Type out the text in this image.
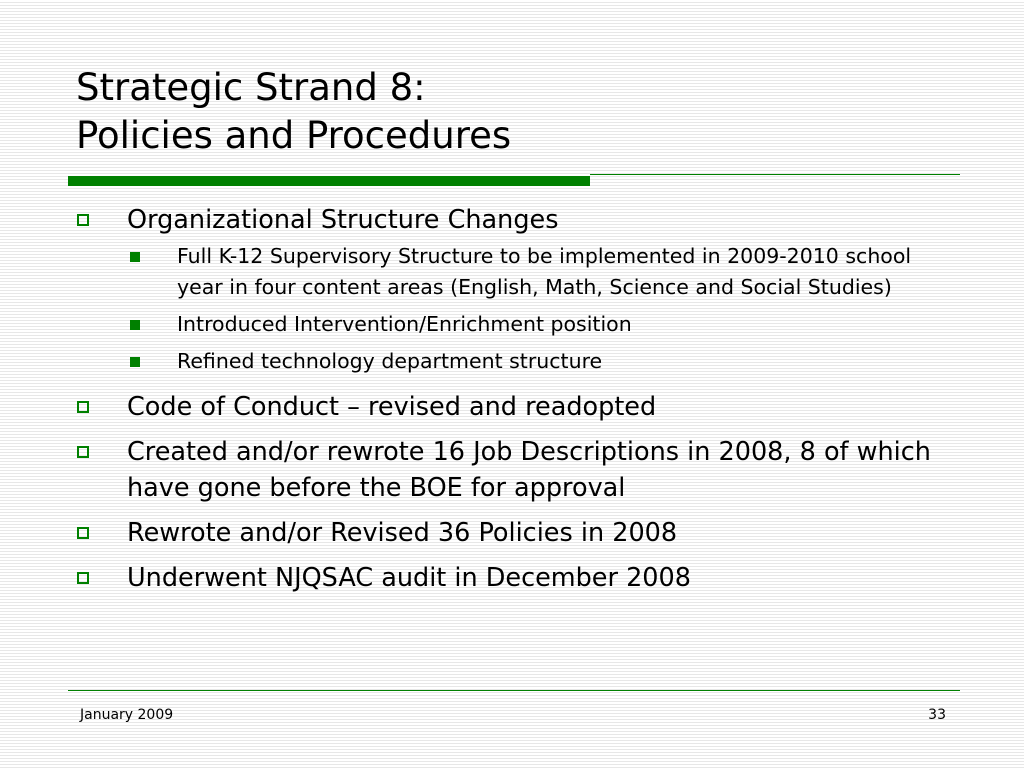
Strategic Strand 8:
Policies and Procedures
Organizational Structure Changes
Full K-12 Supervisory Structure to be implemented in 2009-2010 school year in four content areas (English, Math, Science and Social Studies)
Introduced Intervention/Enrichment position
Refined technology department structure
Code of Conduct – revised and readopted
Created and/or rewrote 16 Job Descriptions in 2008, 8 of which have gone before the BOE for approval
Rewrote and/or Revised 36 Policies in 2008
Underwent NJQSAC audit in December 2008
January 2009	33
